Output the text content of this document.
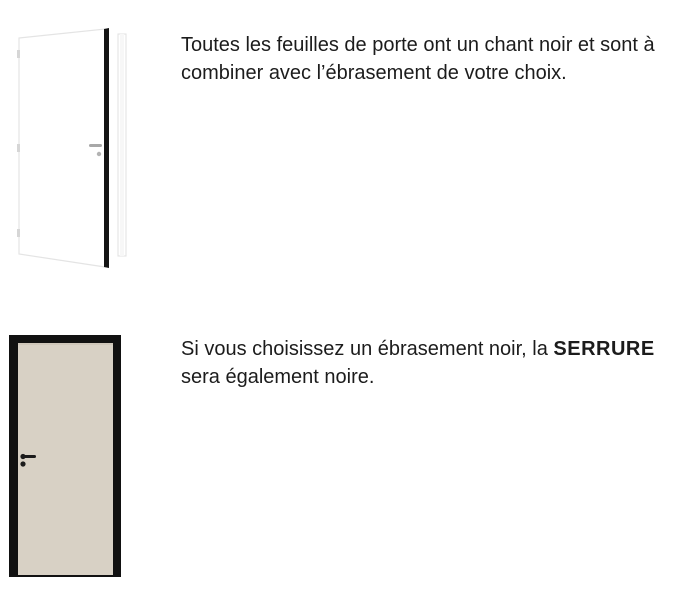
Toutes les feuilles de porte ont un chant noir et sont à combiner avec l’ébrasement de votre choix.
Si vous choisissez un ébrasement noir, la SERRURE sera également noire.
